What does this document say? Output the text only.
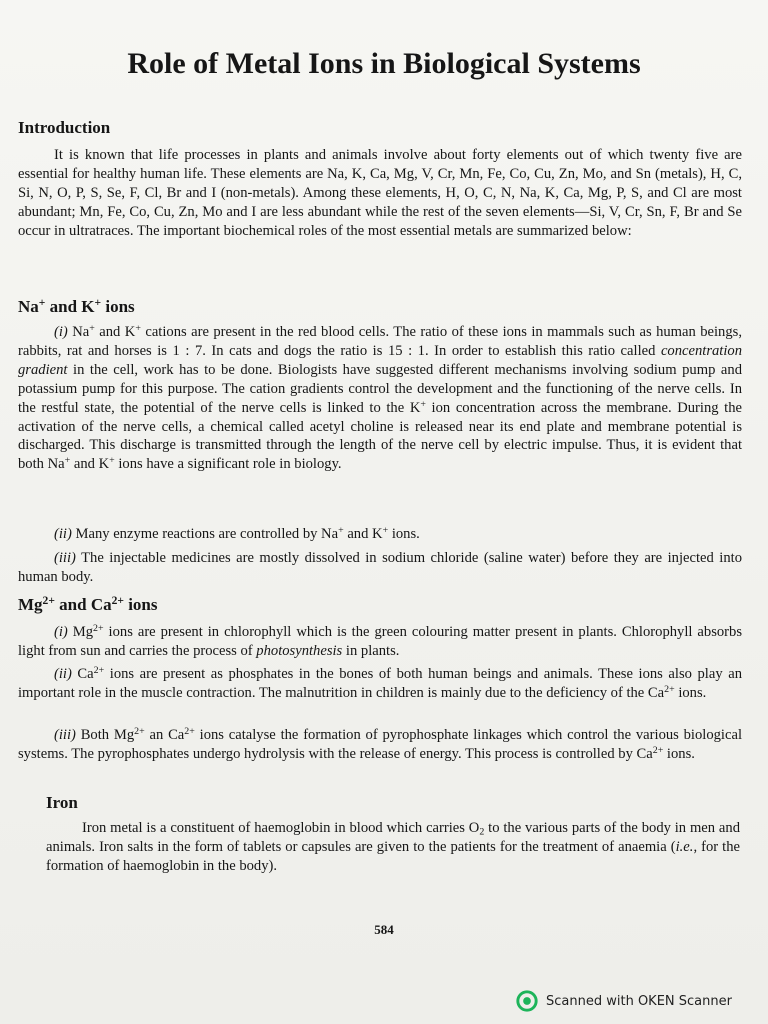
Role of Metal Ions in Biological Systems
Introduction

It is known that life processes in plants and animals involve about forty elements out of which twenty five are essential for healthy human life. These elements are Na, K, Ca, Mg, V, Cr, Mn, Fe, Co, Cu, Zn, Mo, and Sn (metals), H, C, Si, N, O, P, S, Se, F, Cl, Br and I (non-metals). Among these elements, H, O, C, N, Na, K, Ca, Mg, P, S, and Cl are most abundant; Mn, Fe, Co, Cu, Zn, Mo and I are less abundant while the rest of the seven elements—Si, V, Cr, Sn, F, Br and Se occur in ultratraces. The important biochemical roles of the most essential metals are summarized below:

Na+ and K+ ions

(i) Na+ and K+ cations are present in the red blood cells. The ratio of these ions in mammals such as human beings, rabbits, rat and horses is 1 : 7. In cats and dogs the ratio is 15 : 1. In order to establish this ratio called concentration gradient in the cell, work has to be done. Biologists have suggested different mechanisms involving sodium pump and potassium pump for this purpose. The cation gradients control the development and the functioning of the nerve cells. In the restful state, the potential of the nerve cells is linked to the K+ ion concentration across the membrane. During the activation of the nerve cells, a chemical called acetyl choline is released near its end plate and membrane potential is discharged. This discharge is transmitted through the length of the nerve cell by electric impulse. Thus, it is evident that both Na+ and K+ ions have a significant role in biology.

(ii) Many enzyme reactions are controlled by Na+ and K+ ions.

(iii) The injectable medicines are mostly dissolved in sodium chloride (saline water) before they are injected into human body.

$Mg^{2+}$ and $Ca^{2+}$ ions

(i) $Mg^{2+}$ ions are present in chlorophyll which is the green colouring matter present in plants. Chlorophyll absorbs light from sun and carries the process of photosynthesis in plants.

(ii) $Ca^{2+}$ ions are present as phosphates in the bones of both human beings and animals. These ions also play an important role in the muscle contraction. The malnutrition in children is mainly due to the deficiency of the $Ca^{2+}$ ions.

(iii) Both $Mg^{2+}$ an $Ca^{2+}$ ions catalyse the formation of pyrophosphate linkages which control the various biological systems. The pyrophosphates undergo hydrolysis with the release of energy. This process is controlled by $Ca^{2+}$ ions.

Iron

Iron metal is a constituent of haemoglobin in blood which carries $O_2$ to the various parts of the body in men and animals. Iron salts in the form of tablets or capsules are given to the patients for the treatment of anaemia (i.e., for the formation of haemoglobin in the body).

584
Scanned with OKEN Scanner
